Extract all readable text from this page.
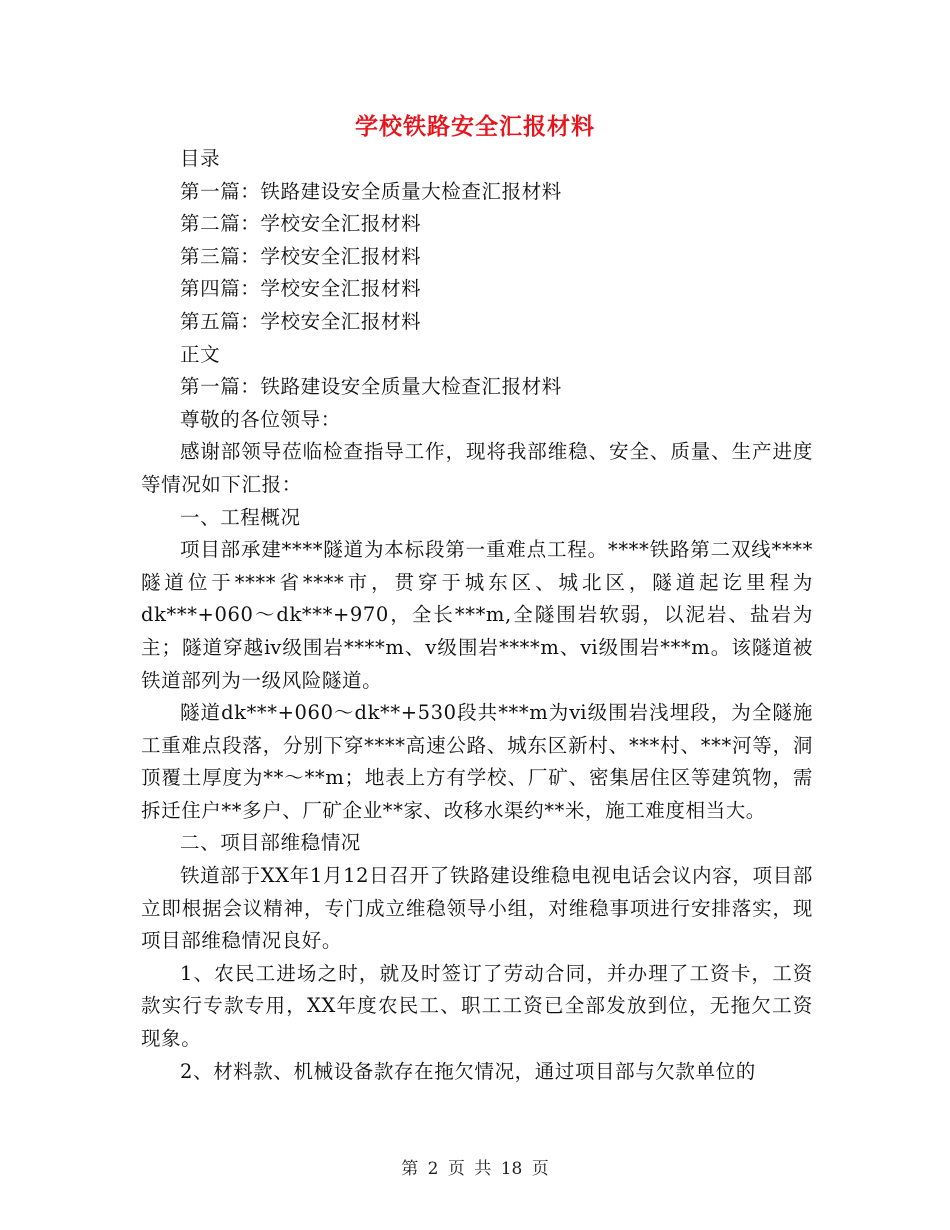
学校铁路安全汇报材料

目录

第一篇：铁路建设安全质量大检查汇报材料

第二篇：学校安全汇报材料

第三篇：学校安全汇报材料

第四篇：学校安全汇报材料

第五篇：学校安全汇报材料

正文

第一篇：铁路建设安全质量大检查汇报材料

尊敬的各位领导：

感谢部领导莅临检查指导工作，现将我部维稳、安全、质量、生产进度等情况如下汇报：

一、工程概况

项目部承建****隧道为本标段第一重难点工程。****铁路第二双线****隧道位于****省****市，贯穿于城东区、城北区，隧道起讫里程为dk***+060～dk***+970，全长***m,全隧围岩软弱，以泥岩、盐岩为主；隧道穿越ⅳ级围岩****m、ⅴ级围岩****m、ⅵ级围岩***m。该隧道被铁道部列为一级风险隧道。

隧道dk***+060～dk**+530段共***m为ⅵ级围岩浅埋段，为全隧施工重难点段落，分别下穿****高速公路、城东区新村、***村、***河等，洞顶覆土厚度为**～**m；地表上方有学校、厂矿、密集居住区等建筑物，需拆迁住户**多户、厂矿企业**家、改移水渠约**米，施工难度相当大。

二、项目部维稳情况

铁道部于XX年1月12日召开了铁路建设维稳电视电话会议内容，项目部立即根据会议精神，专门成立维稳领导小组，对维稳事项进行安排落实，现项目部维稳情况良好。

1、农民工进场之时，就及时签订了劳动合同，并办理了工资卡，工资款实行专款专用，XX年度农民工、职工工资已全部发放到位，无拖欠工资现象。

2、材料款、机械设备款存在拖欠情况，通过项目部与欠款单位的

第 2 页 共 18 页
